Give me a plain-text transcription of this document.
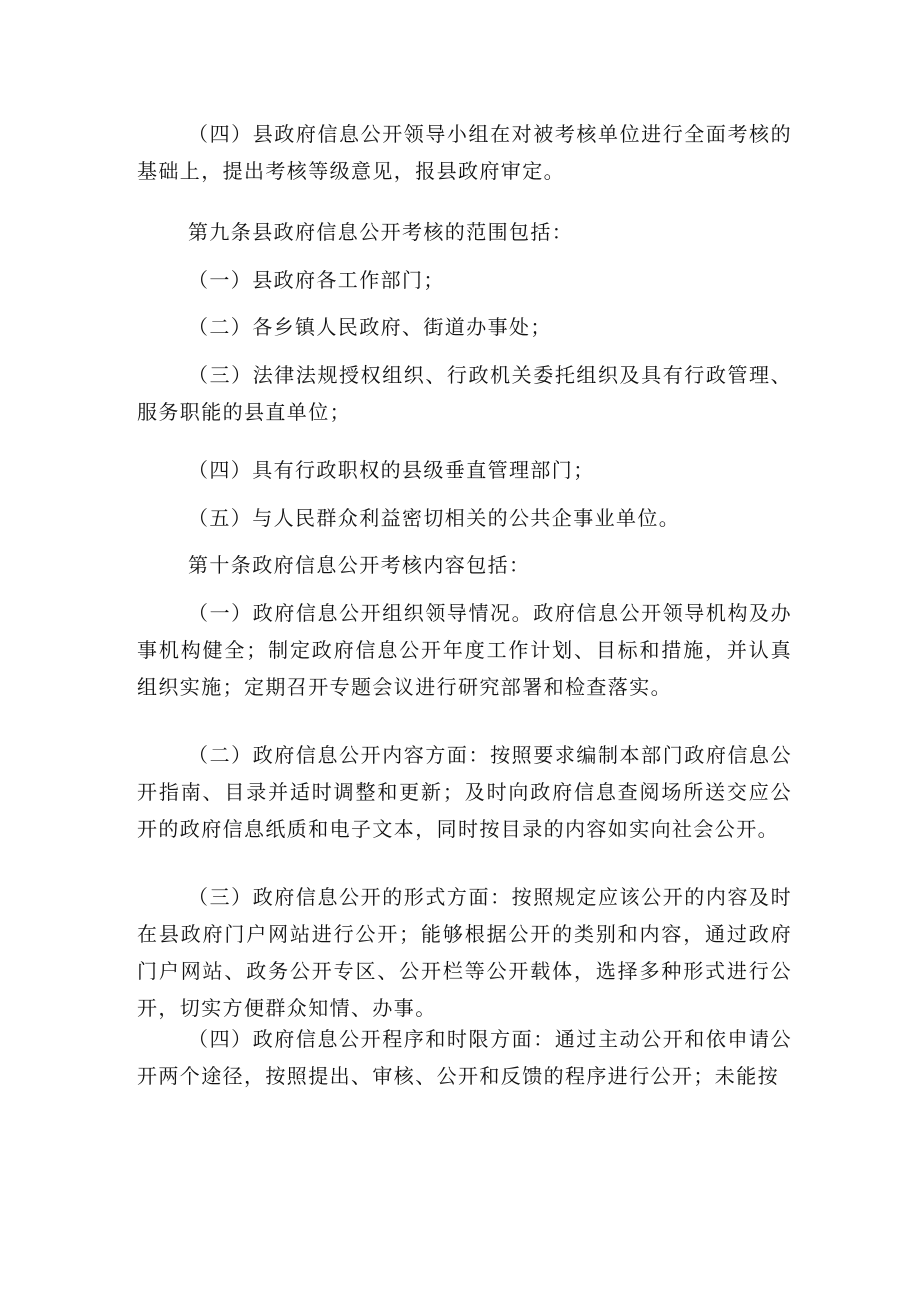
（四）县政府信息公开领导小组在对被考核单位进行全面考核的基础上，提出考核等级意见，报县政府审定。

第九条县政府信息公开考核的范围包括：

（一）县政府各工作部门；

（二）各乡镇人民政府、街道办事处；

（三）法律法规授权组织、行政机关委托组织及具有行政管理、服务职能的县直单位；

（四）具有行政职权的县级垂直管理部门；

（五）与人民群众利益密切相关的公共企事业单位。

第十条政府信息公开考核内容包括：

（一）政府信息公开组织领导情况。政府信息公开领导机构及办事机构健全；制定政府信息公开年度工作计划、目标和措施，并认真组织实施；定期召开专题会议进行研究部署和检查落实。

（二）政府信息公开内容方面：按照要求编制本部门政府信息公开指南、目录并适时调整和更新；及时向政府信息查阅场所送交应公开的政府信息纸质和电子文本，同时按目录的内容如实向社会公开。

（三）政府信息公开的形式方面：按照规定应该公开的内容及时在县政府门户网站进行公开；能够根据公开的类别和内容，通过政府门户网站、政务公开专区、公开栏等公开载体，选择多种形式进行公开，切实方便群众知情、办事。

（四）政府信息公开程序和时限方面：通过主动公开和依申请公开两个途径，按照提出、审核、公开和反馈的程序进行公开；未能按
